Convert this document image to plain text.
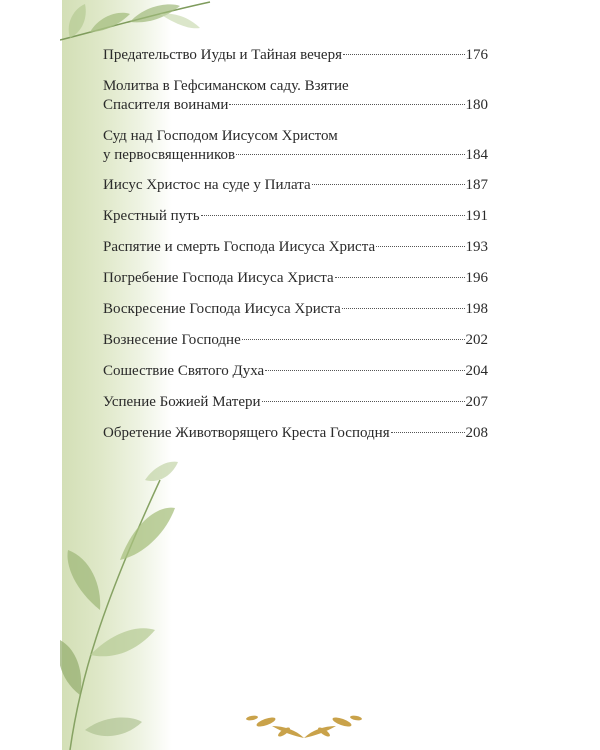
Предательство Иуды и Тайная вечеря	176
Молитва в Гефсиманском саду. Взятие
Спасителя воинами	180
Суд над Господом Иисусом Христом
у первосвященников	184
Иисус Христос на суде у Пилата	187
Крестный путь	191
Распятие и смерть Господа Иисуса Христа	193
Погребение Господа Иисуса Христа	196
Воскресение Господа Иисуса Христа	198
Вознесение Господне	202
Сошествие Святого Духа	204
Успение Божией Матери	207
Обретение Животворящего Креста Господня	208
